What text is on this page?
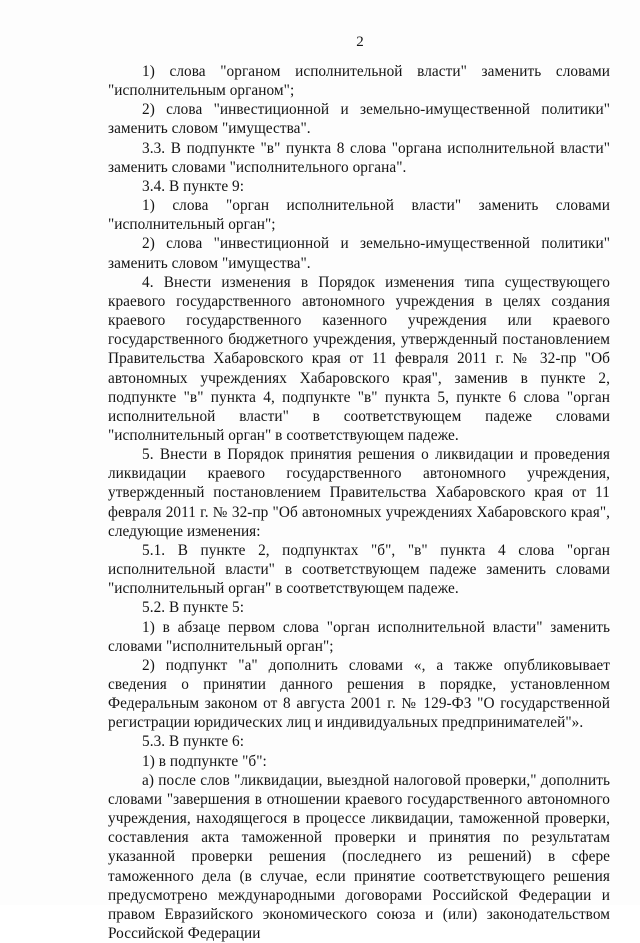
2

1) слова "органом исполнительной власти" заменить словами "исполнительным органом";

2) слова "инвестиционной и земельно-имущественной политики" заменить словом "имущества".

3.3. В подпункте "в" пункта 8 слова "органа исполнительной власти" заменить словами "исполнительного органа".

3.4. В пункте 9:

1) слова "орган исполнительной власти" заменить словами "исполнительный орган";

2) слова "инвестиционной и земельно-имущественной политики" заменить словом "имущества".

4. Внести изменения в Порядок изменения типа существующего краевого государственного автономного учреждения в целях создания краевого государственного казенного учреждения или краевого государственного бюджетного учреждения, утвержденный постановлением Правительства Хабаровского края от 11 февраля 2011 г. № 32-пр "Об автономных учреждениях Хабаровского края", заменив в пункте 2, подпункте "в" пункта 4, подпункте "в" пункта 5, пункте 6 слова "орган исполнительной власти" в соответствующем падеже словами "исполнительный орган" в соответствующем падеже.

5. Внести в Порядок принятия решения о ликвидации и проведения ликвидации краевого государственного автономного учреждения, утвержденный постановлением Правительства Хабаровского края от 11 февраля 2011 г. № 32-пр "Об автономных учреждениях Хабаровского края", следующие изменения:

5.1. В пункте 2, подпунктах "б", "в" пункта 4 слова "орган исполнительной власти" в соответствующем падеже заменить словами "исполнительный орган" в соответствующем падеже.

5.2. В пункте 5:

1) в абзаце первом слова "орган исполнительной власти" заменить словами "исполнительный орган";

2) подпункт "а" дополнить словами «, а также опубликовывает сведения о принятии данного решения в порядке, установленном Федеральным законом от 8 августа 2001 г. № 129-ФЗ "О государственной регистрации юридических лиц и индивидуальных предпринимателей"».

5.3. В пункте 6:

1) в подпункте "б":

а) после слов "ликвидации, выездной налоговой проверки," дополнить словами "завершения в отношении краевого государственного автономного учреждения, находящегося в процессе ликвидации, таможенной проверки, составления акта таможенной проверки и принятия по результатам указанной проверки решения (последнего из решений) в сфере таможенного дела (в случае, если принятие соответствующего решения предусмотрено международными договорами Российской Федерации и правом Евразийского экономического союза и (или) законодательством Российской Федерации
